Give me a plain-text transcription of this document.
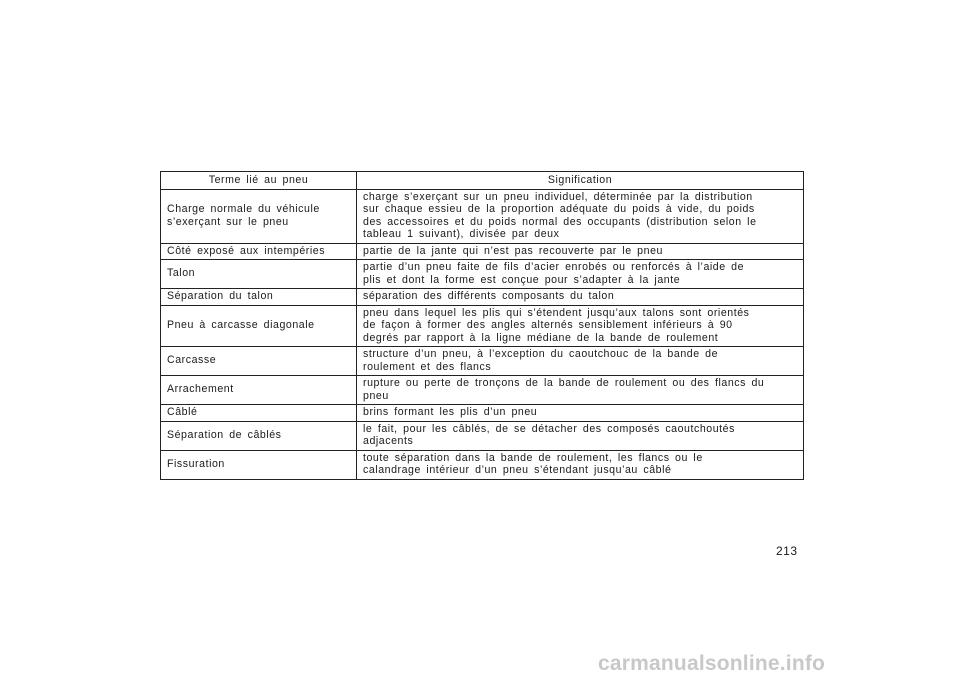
Terme lié au pneu	Signification
Charge normale du véhicule
s’exerçant sur le pneu	charge s’exerçant sur un pneu individuel, déterminée par la distribution
sur chaque essieu de la proportion adéquate du poids à vide, du poids
des accessoires et du poids normal des occupants (distribution selon le
tableau 1 suivant), divisée par deux
Côté exposé aux intempéries	partie de la jante qui n’est pas recouverte par le pneu
Talon	partie d’un pneu faite de fils d’acier enrobés ou renforcés à l’aide de
plis et dont la forme est conçue pour s’adapter à la jante
Séparation du talon	séparation des différents composants du talon
Pneu à carcasse diagonale	pneu dans lequel les plis qui s’étendent jusqu’aux talons sont orientés
de façon à former des angles alternés sensiblement inférieurs à 90
degrés par rapport à la ligne médiane de la bande de roulement
Carcasse	structure d’un pneu, à l’exception du caoutchouc de la bande de
roulement et des flancs
Arrachement	rupture ou perte de tronçons de la bande de roulement ou des flancs du
pneu
Câblé	brins formant les plis d’un pneu
Séparation de câblés	le fait, pour les câblés, de se détacher des composés caoutchoutés
adjacents
Fissuration	toute séparation dans la bande de roulement, les flancs ou le
calandrage intérieur d’un pneu s’étendant jusqu’au câblé
213
carmanualsonline.info
